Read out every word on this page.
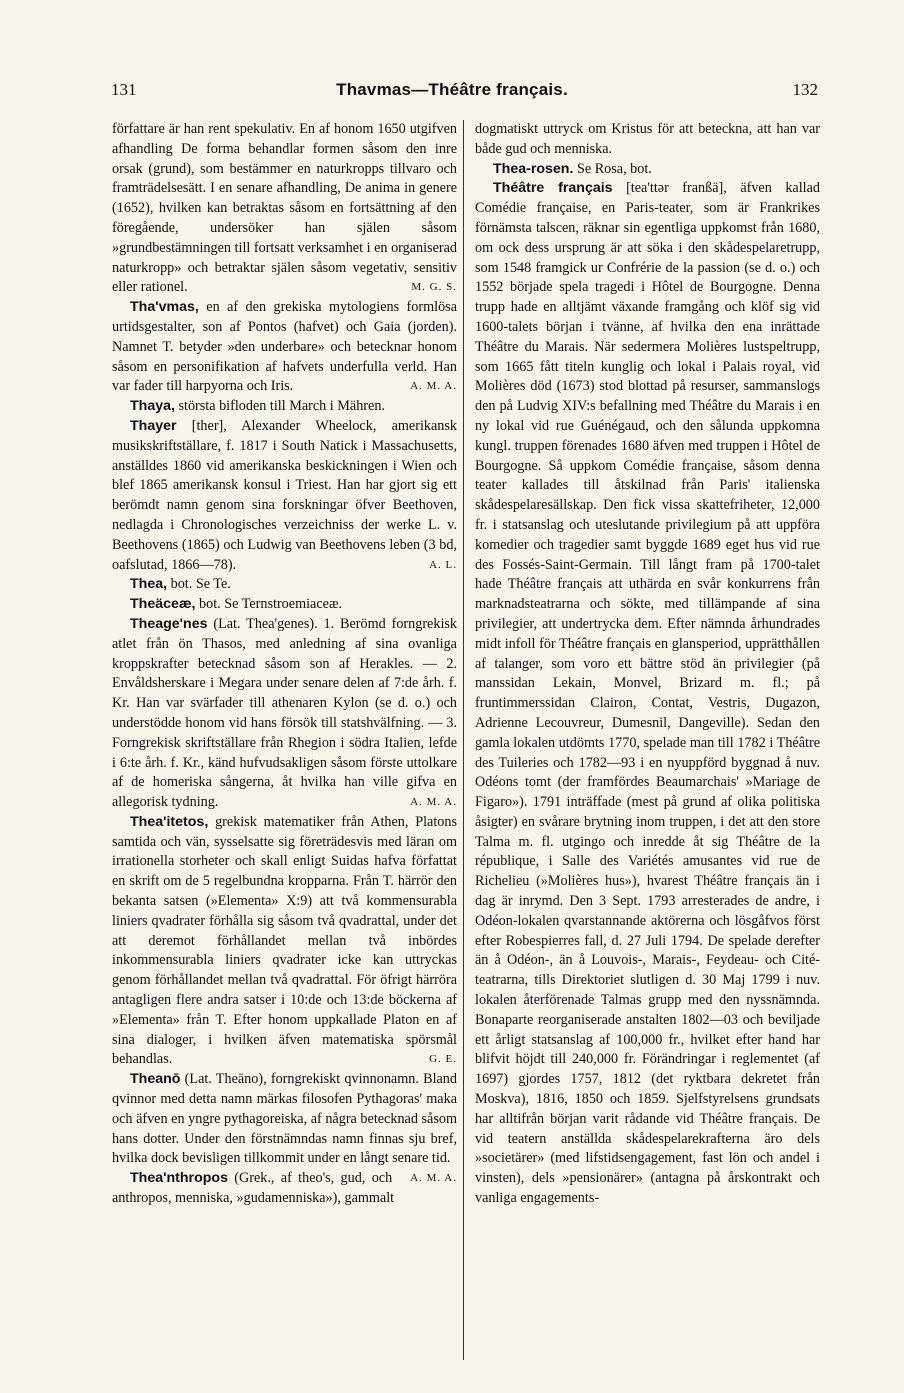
131	Thavmas—Théâtre français.	132

författare är han rent spekulativ. En af honom 1650 utgifven afhandling De forma behandlar formen såsom den inre orsak (grund), som bestämmer en naturkropps tillvaro och framträdelsesätt. I en senare afhandling, De anima in genere (1652), hvilken kan betraktas såsom en fortsättning af den föregående, undersöker han själen såsom »grundbestämningen till fortsatt verksamhet i en organiserad naturkropp» och betraktar själen såsom vegetativ, sensitiv eller rationel.	M. G. S.

Tha'vmas, en af den grekiska mytologiens formlösa urtidsgestalter, son af Pontos (hafvet) och Gaia (jorden). Namnet T. betyder »den underbare» och betecknar honom såsom en personifikation af hafvets underfulla verld. Han var fader till harpyorna och Iris.	A. M. A.

Thaya, största bifloden till March i Mähren.

Thayer [ther], Alexander Wheelock, amerikansk musikskriftställare, f. 1817 i South Natick i Massachusetts, anställdes 1860 vid amerikanska beskickningen i Wien och blef 1865 amerikansk konsul i Triest. Han har gjort sig ett berömdt namn genom sina forskningar öfver Beethoven, nedlagda i Chronologisches verzeichniss der werke L. v. Beethovens (1865) och Ludwig van Beethovens leben (3 bd, oafslutad, 1866—78).	A. L.

Thea, bot. Se Te.

Theäceæ, bot. Se Ternstroemiaceæ.

Theage'nes (Lat. Thea'genes). 1. Berömd forngrekisk atlet från ön Thasos, med anledning af sina ovanliga kroppskrafter betecknad såsom son af Herakles. — 2. Envåldsherskare i Megara under senare delen af 7:de årh. f. Kr. Han var svärfader till athenaren Kylon (se d. o.) och understödde honom vid hans försök till statshvälfning. — 3. Forngrekisk skriftställare från Rhegion i södra Italien, lefde i 6:te årh. f. Kr., känd hufvudsakligen såsom förste uttolkare af de homeriska sångerna, åt hvilka han ville gifva en allegorisk tydning.	A. M. A.

Thea'itetos, grekisk matematiker från Athen, Platons samtida och vän, sysselsatte sig företrädesvis med läran om irrationella storheter och skall enligt Suidas hafva författat en skrift om de 5 regelbundna kropparna. Från T. härrör den bekanta satsen (»Elementa» X:9) att två kommensurabla liniers qvadrater förhålla sig såsom två qvadrattal, under det att deremot förhållandet mellan två inbördes inkommensurabla liniers qvadrater icke kan uttryckas genom förhållandet mellan två qvadrattal. För öfrigt härröra antagligen flere andra satser i 10:de och 13:de böckerna af »Elementa» från T. Efter honom uppkallade Platon en af sina dialoger, i hvilken äfven matematiska spörsmål behandlas.	G. E.

Theanō (Lat. Theāno), forngrekiskt qvinnonamn. Bland qvinnor med detta namn märkas filosofen Pythagoras' maka och äfven en yngre pythagoreiska, af några betecknad såsom hans dotter. Under den förstnämndas namn finnas sju bref, hvilka dock bevisligen tillkommit under en långt senare tid.
A. M. A.

Thea'nthropos (Grek., af theo's, gud, och anthropos, menniska, »gudamenniska»), gammalt

dogmatiskt uttryck om Kristus för att beteckna, att han var både gud och menniska.

Thea-rosen. Se Rosa, bot.

Théâtre français [tea'ttər franßä], äfven kallad Comédie française, en Paris-teater, som är Frankrikes förnämsta talscen, räknar sin egentliga uppkomst från 1680, om ock dess ursprung är att söka i den skådespelaretrupp, som 1548 framgick ur Confrérie de la passion (se d. o.) och 1552 började spela tragedi i Hôtel de Bourgogne. Denna trupp hade en alltjämt växande framgång och klöf sig vid 1600-talets början i tvänne, af hvilka den ena inrättade Théâtre du Marais. När sedermera Molières lustspeltrupp, som 1665 fått titeln kunglig och lokal i Palais royal, vid Molières död (1673) stod blottad på resurser, sammanslogs den på Ludvig XIV:s befallning med Théâtre du Marais i en ny lokal vid rue Guénégaud, och den sålunda uppkomna kungl. truppen förenades 1680 äfven med truppen i Hôtel de Bourgogne. Så uppkom Comédie française, såsom denna teater kallades till åtskilnad från Paris' italienska skådespelaresällskap. Den fick vissa skattefriheter, 12,000 fr. i statsanslag och uteslutande privilegium på att uppföra komedier och tragedier samt byggde 1689 eget hus vid rue des Fossés-Saint-Germain. Till långt fram på 1700-talet hade Théâtre français att uthärda en svår konkurrens från marknadsteatrarna och sökte, med tillämpande af sina privilegier, att undertrycka dem. Efter nämnda århundrades midt infoll för Théâtre français en glansperiod, upprätthållen af talanger, som voro ett bättre stöd än privilegier (på manssidan Lekain, Monvel, Brizard m. fl.; på fruntimmerssidan Clairon, Contat, Vestris, Dugazon, Adrienne Lecouvreur, Dumesnil, Dangeville). Sedan den gamla lokalen utdömts 1770, spelade man till 1782 i Théâtre des Tuileries och 1782—93 i en nyuppförd byggnad å nuv. Odéons tomt (der framfördes Beaumarchais' »Mariage de Figaro»). 1791 inträffade (mest på grund af olika politiska åsigter) en svårare brytning inom truppen, i det att den store Talma m. fl. utgingo och inredde åt sig Théâtre de la république, i Salle des Variétés amusantes vid rue de Richelieu (»Molières hus»), hvarest Théâtre français än i dag är inrymd. Den 3 Sept. 1793 arresterades de andre, i Odéon-lokalen qvarstannande aktörerna och lösgåfvos först efter Robespierres fall, d. 27 Juli 1794. De spelade derefter än å Odéon-, än å Louvois-, Marais-, Feydeau- och Cité-teatrarna, tills Direktoriet slutligen d. 30 Maj 1799 i nuv. lokalen återförenade Talmas grupp med den nyssnämnda. Bonaparte reorganiserade anstalten 1802—03 och beviljade ett årligt statsanslag af 100,000 fr., hvilket efter hand har blifvit höjdt till 240,000 fr. Förändringar i reglementet (af 1697) gjordes 1757, 1812 (det ryktbara dekretet från Moskva), 1816, 1850 och 1859. Sjelfstyrelsens grundsats har alltifrån början varit rådande vid Théâtre français. De vid teatern anställda skådespelarekrafterna äro dels »societärer» (med lifstidsengagement, fast lön och andel i vinsten), dels »pensionärer» (antagna på årskontrakt och vanliga engagements-
